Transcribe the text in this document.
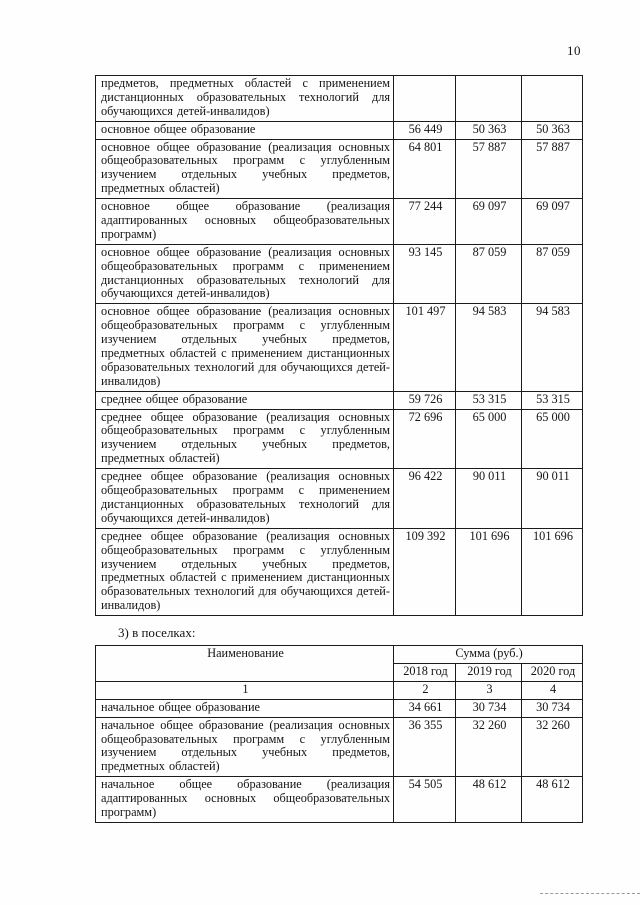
10
предметов, предметных областей с применением дистанционных образовательных технологий для обучающихся детей-инвалидов)			
основное общее образование	56 449	50 363	50 363
основное общее образование (реализация основных общеобразовательных программ с углубленным изучением отдельных учебных предметов, предметных областей)	64 801	57 887	57 887
основное общее образование (реализация адаптированных основных общеобразовательных программ)	77 244	69 097	69 097
основное общее образование (реализация основных общеобразовательных программ с применением дистанционных образовательных технологий для обучающихся детей-инвалидов)	93 145	87 059	87 059
основное общее образование (реализация основных общеобразовательных программ с углубленным изучением отдельных учебных предметов, предметных областей с применением дистанционных образовательных технологий для обучающихся детей-инвалидов)	101 497	94 583	94 583
среднее общее образование	59 726	53 315	53 315
среднее общее образование (реализация основных общеобразовательных программ с углубленным изучением отдельных учебных предметов, предметных областей)	72 696	65 000	65 000
среднее общее образование (реализация основных общеобразовательных программ с применением дистанционных образовательных технологий для обучающихся детей-инвалидов)	96 422	90 011	90 011
среднее общее образование (реализация основных общеобразовательных программ с углубленным изучением отдельных учебных предметов, предметных областей с применением дистанционных образовательных технологий для обучающихся детей-инвалидов)	109 392	101 696	101 696
3) в поселках:
Наименование	Сумма (руб.)		
	2018 год	2019 год	2020 год
1	2	3	4
начальное общее образование	34 661	30 734	30 734
начальное общее образование (реализация основных общеобразовательных программ с углубленным изучением отдельных учебных предметов, предметных областей)	36 355	32 260	32 260
начальное общее образование (реализация адаптированных основных общеобразовательных программ)	54 505	48 612	48 612
